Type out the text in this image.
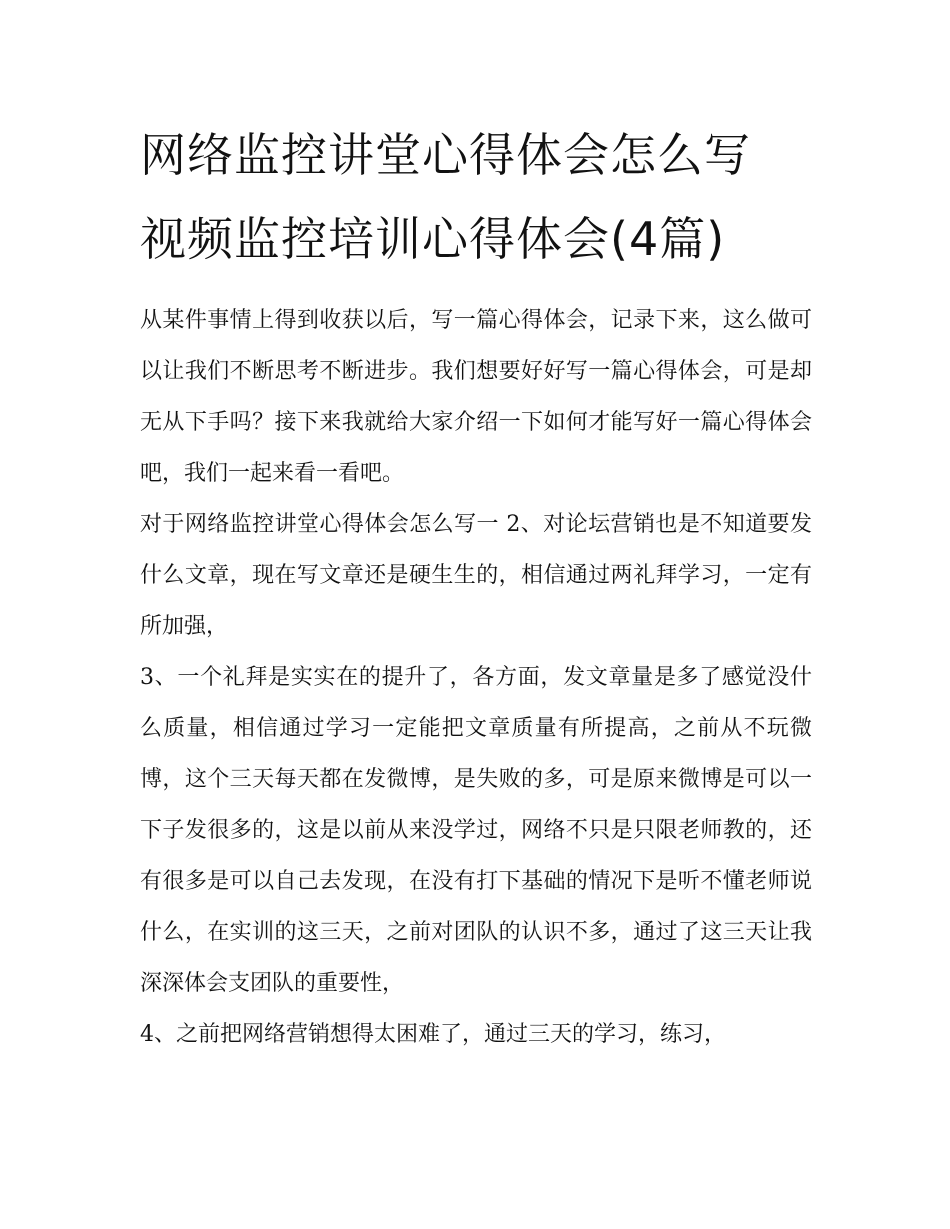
网络监控讲堂心得体会怎么写
视频监控培训心得体会(4篇)

从某件事情上得到收获以后，写一篇心得体会，记录下来，这么做可以让我们不断思考不断进步。我们想要好好写一篇心得体会，可是却无从下手吗？接下来我就给大家介绍一下如何才能写好一篇心得体会吧，我们一起来看一看吧。

对于网络监控讲堂心得体会怎么写一 2、对论坛营销也是不知道要发什么文章，现在写文章还是硬生生的，相信通过两礼拜学习，一定有所加强，

3、一个礼拜是实实在的提升了，各方面，发文章量是多了感觉没什么质量，相信通过学习一定能把文章质量有所提高，之前从不玩微博，这个三天每天都在发微博，是失败的多，可是原来微博是可以一下子发很多的，这是以前从来没学过，网络不只是只限老师教的，还有很多是可以自己去发现，在没有打下基础的情况下是听不懂老师说什么，在实训的这三天，之前对团队的认识不多，通过了这三天让我深深体会支团队的重要性，

4、之前把网络营销想得太困难了，通过三天的学习，练习，
